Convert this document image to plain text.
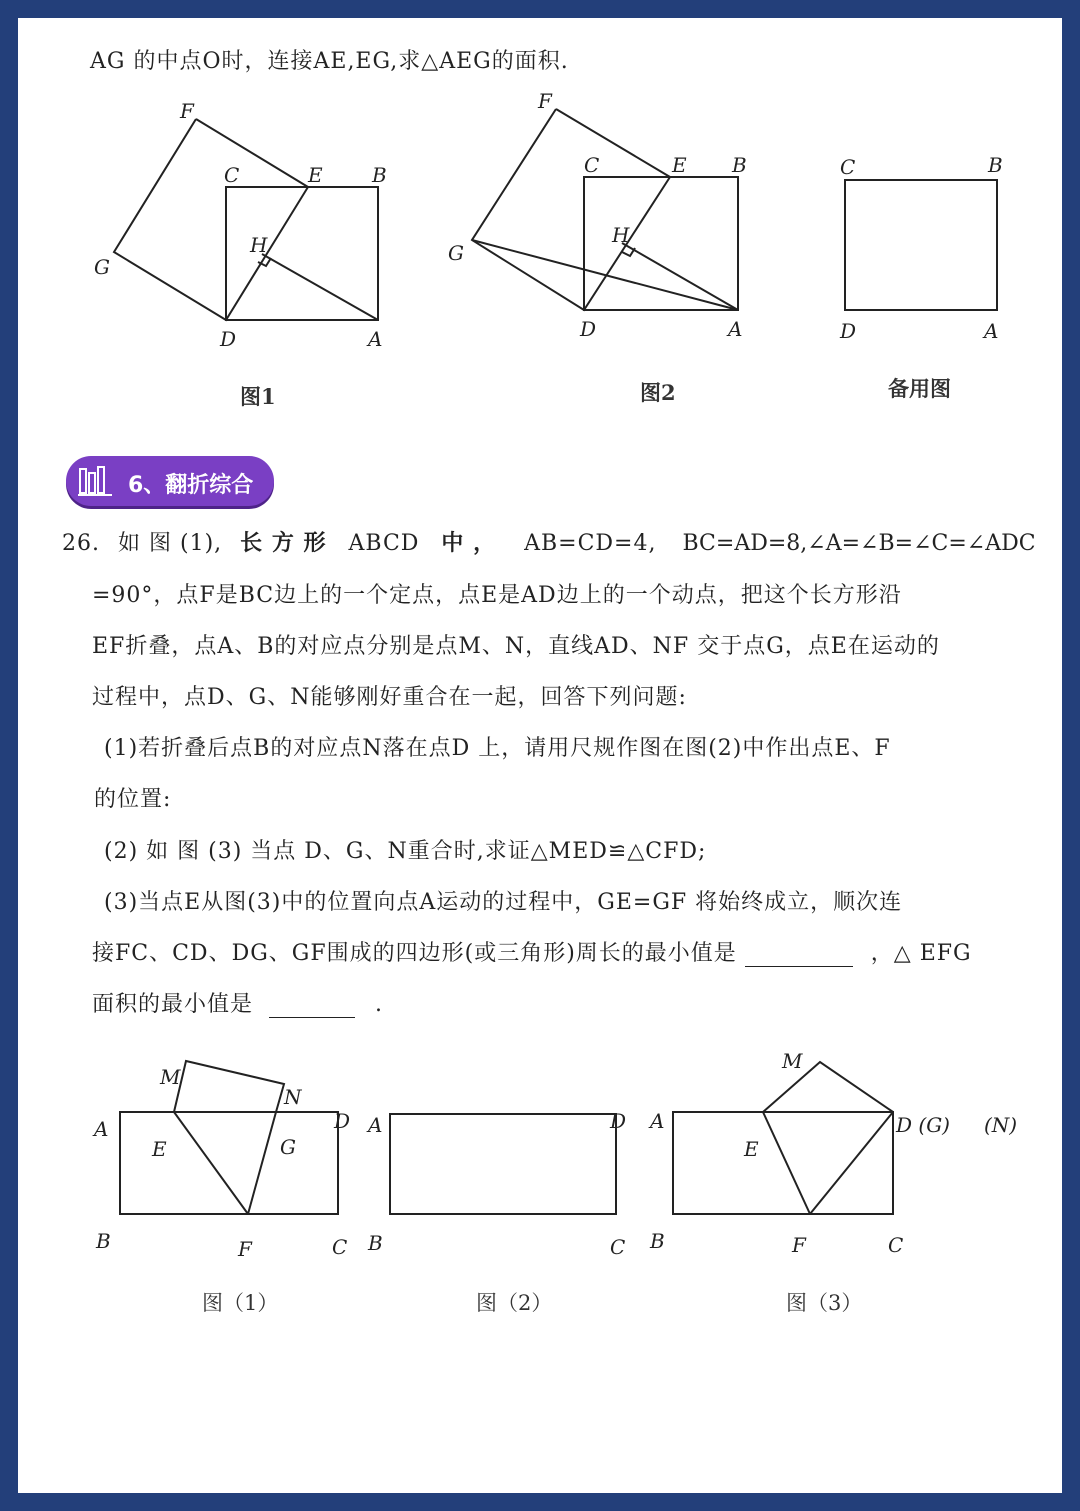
AG 的中点O时，连接AE,EG,求△AEG的面积.
F
C	E B
H
G
D	A
F
C	E B
H
G
D	A
C	B
D	A
图1	图2	备用图
6、翻折综合
26. 如 图 (1), 长 方 形 ABCD 中 ， AB=CD=4, BC=AD=8,∠A=∠B=∠C=∠ADC
=90°，点F是BC边上的一个定点，点E是AD边上的一个动点，把这个长方形沿
EF折叠，点A、B的对应点分别是点M、N，直线AD、NF 交于点G，点E在运动的
过程中，点D、G、N能够刚好重合在一起，回答下列问题:
(1)若折叠后点B的对应点N落在点D 上，请用尺规作图在图(2)中作出点E、F
的位置:
(2) 如 图 (3) 当点 D、G、N重合时,求证△MED≌△CFD;
(3)当点E从图(3)中的位置向点A运动的过程中，GE=GF 将始终成立，顺次连
接FC、CD、DG、GF围成的四边形(或三角形)周长的最小值是	，△ EFG
面积的最小值是	.
M
N
A	D
E	G
B	F	C
A	D
B	C
M
A	D (G) (N)
E
B	F	C
图（1）	图（2）	图（3）
